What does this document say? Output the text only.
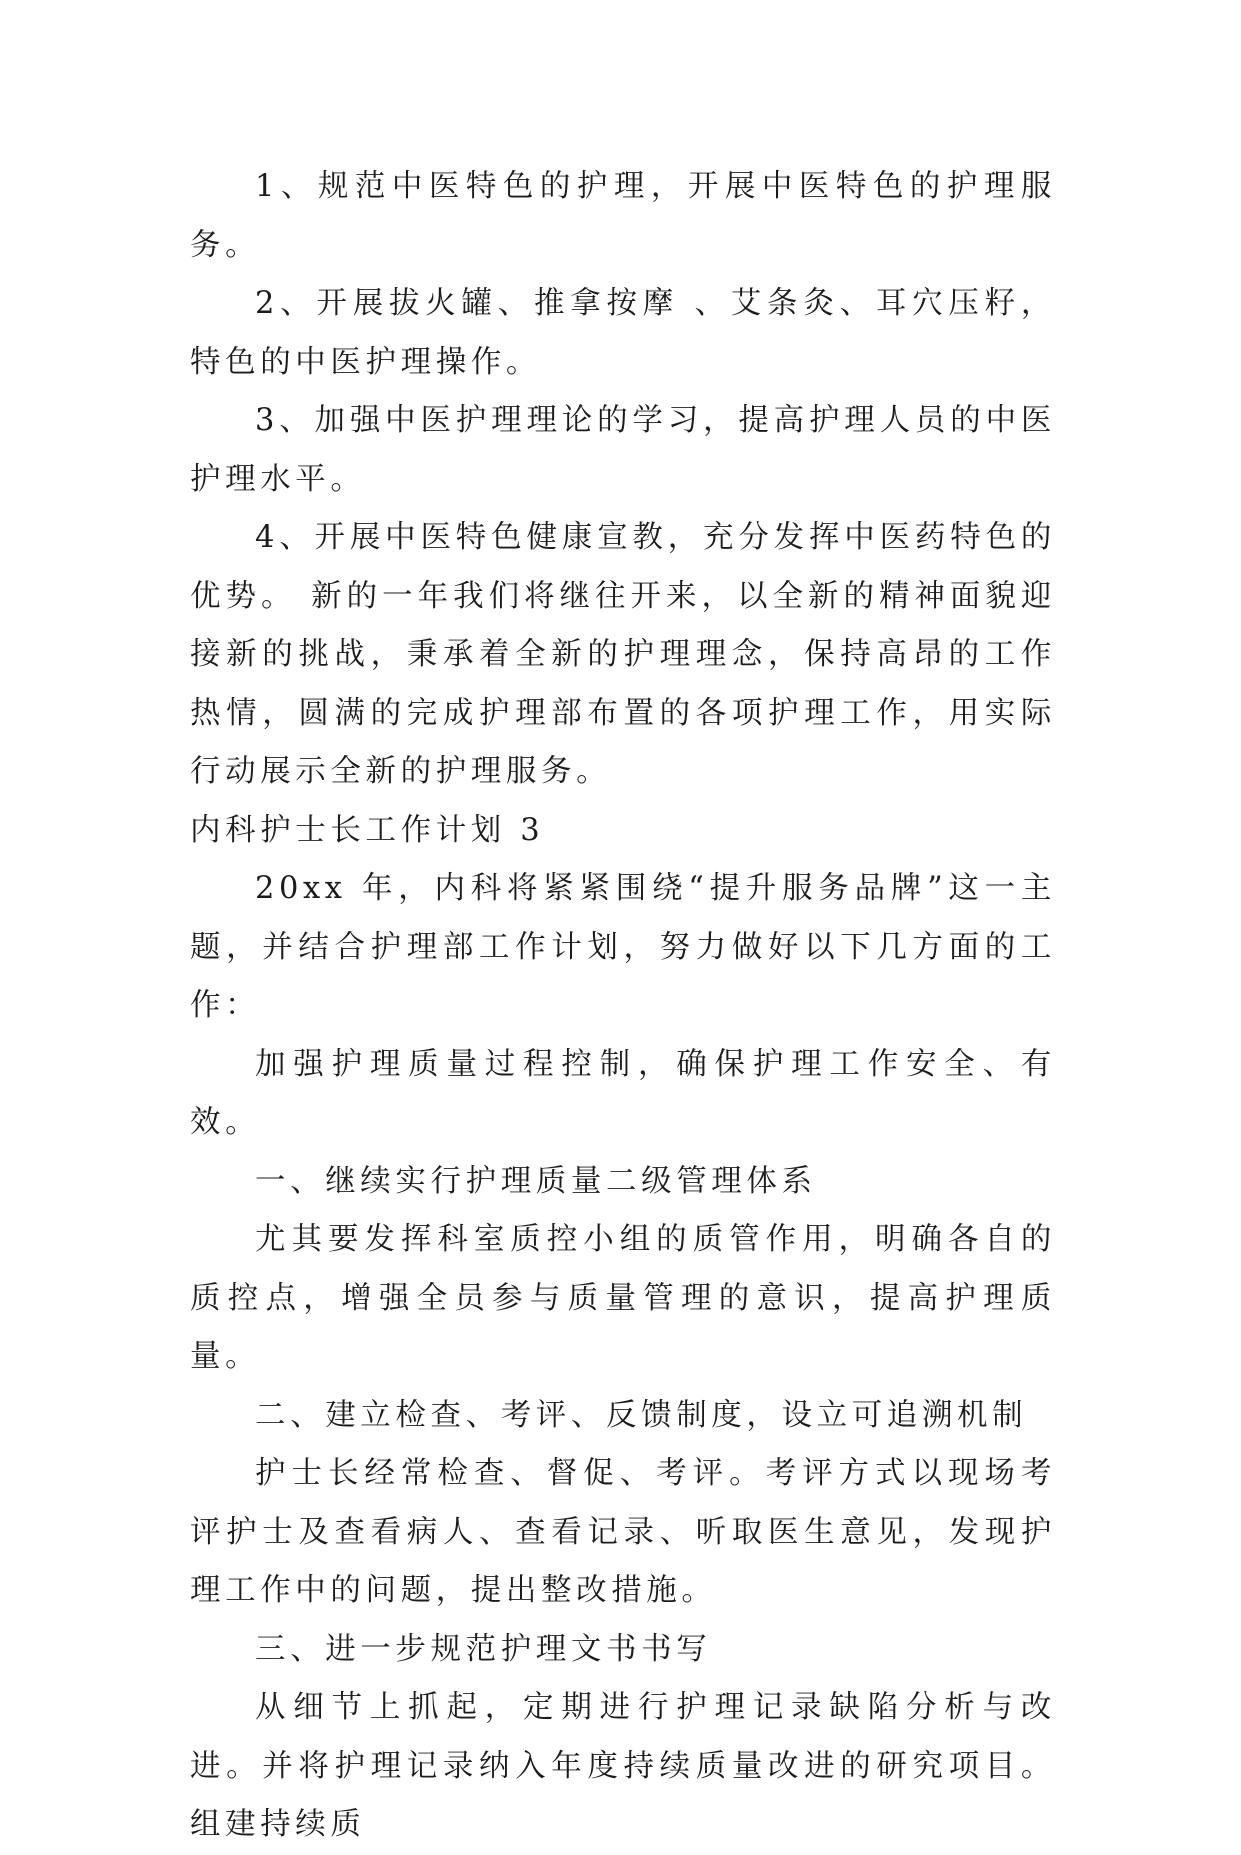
1、规范中医特色的护理，开展中医特色的护理服务。

2、开展拔火罐、推拿按摩 、艾条灸、耳穴压籽，特色的中医护理操作。

3、加强中医护理理论的学习，提高护理人员的中医护理水平。

4、开展中医特色健康宣教，充分发挥中医药特色的优势。 新的一年我们将继往开来，以全新的精神面貌迎接新的挑战，秉承着全新的护理理念，保持高昂的工作热情，圆满的完成护理部布置的各项护理工作，用实际行动展示全新的护理服务。

内科护士长工作计划 3

20xx 年，内科将紧紧围绕“提升服务品牌”这一主题，并结合护理部工作计划，努力做好以下几方面的工作：

加强护理质量过程控制，确保护理工作安全、有效。

一、继续实行护理质量二级管理体系

尤其要发挥科室质控小组的质管作用，明确各自的质控点，增强全员参与质量管理的意识，提高护理质量。

二、建立检查、考评、反馈制度，设立可追溯机制

护士长经常检查、督促、考评。考评方式以现场考评护士及查看病人、查看记录、听取医生意见，发现护理工作中的问题，提出整改措施。

三、进一步规范护理文书书写

从细节上抓起，定期进行护理记录缺陷分析与改进。并将护理记录纳入年度持续质量改进的研究项目。组建持续质
